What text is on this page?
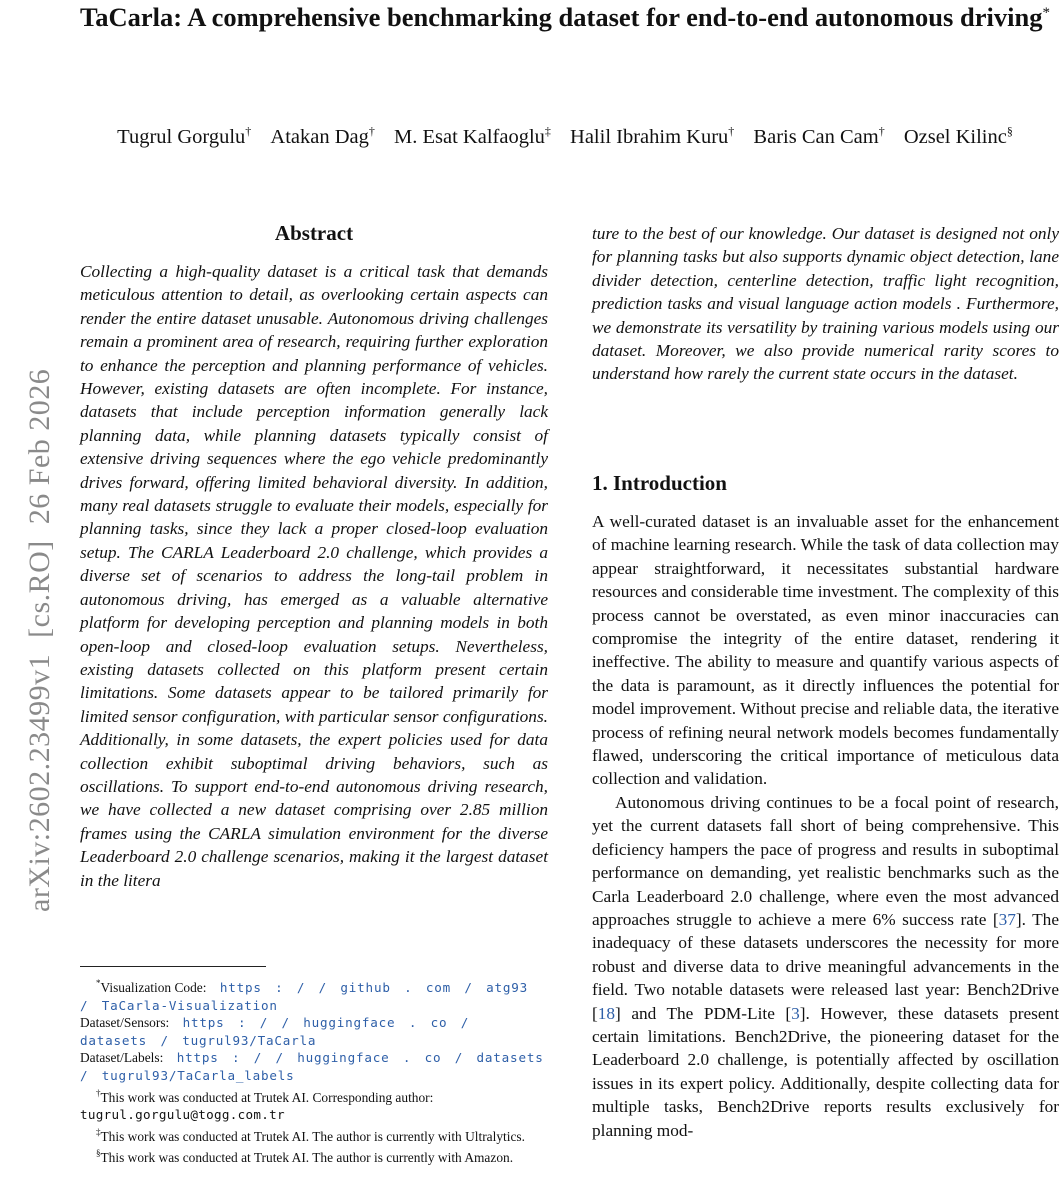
arXiv:2602.23499v1  [cs.RO]  26 Feb 2026
TaCarla: A comprehensive benchmarking dataset for end-to-end autonomous driving*
Tugrul Gorgulu† Atakan Dag† M. Esat Kalfaoglu‡ Halil Ibrahim Kuru† Baris Can Cam† Ozsel Kilinc§
Abstract

Collecting a high-quality dataset is a critical task that demands meticulous attention to detail, as overlooking certain aspects can render the entire dataset unusable. Autonomous driving challenges remain a prominent area of research, requiring further exploration to enhance the perception and planning performance of vehicles. However, existing datasets are often incomplete. For instance, datasets that include perception information generally lack planning data, while planning datasets typically consist of extensive driving sequences where the ego vehicle predominantly drives forward, offering limited behavioral diversity. In addition, many real datasets struggle to evaluate their models, especially for planning tasks, since they lack a proper closed-loop evaluation setup. The CARLA Leaderboard 2.0 challenge, which provides a diverse set of scenarios to address the long-tail problem in autonomous driving, has emerged as a valuable alternative platform for developing perception and planning models in both open-loop and closed-loop evaluation setups. Nevertheless, existing datasets collected on this platform present certain limitations. Some datasets appear to be tailored primarily for limited sensor configuration, with particular sensor configurations. Additionally, in some datasets, the expert policies used for data collection exhibit suboptimal driving behaviors, such as oscillations. To support end-to-end autonomous driving research, we have collected a new dataset comprising over 2.85 million frames using the CARLA simulation environment for the diverse Leaderboard 2.0 challenge scenarios, making it the largest dataset in the litera

ture to the best of our knowledge. Our dataset is designed not only for planning tasks but also supports dynamic object detection, lane divider detection, centerline detection, traffic light recognition, prediction tasks and visual language action models . Furthermore, we demonstrate its versatility by training various models using our dataset. Moreover, we also provide numerical rarity scores to understand how rarely the current state occurs in the dataset.

1. Introduction

A well-curated dataset is an invaluable asset for the enhancement of machine learning research. While the task of data collection may appear straightforward, it necessitates substantial hardware resources and considerable time investment. The complexity of this process cannot be overstated, as even minor inaccuracies can compromise the integrity of the entire dataset, rendering it ineffective. The ability to measure and quantify various aspects of the data is paramount, as it directly influences the potential for model improvement. Without precise and reliable data, the iterative process of refining neural network models becomes fundamentally flawed, underscoring the critical importance of meticulous data collection and validation.

Autonomous driving continues to be a focal point of research, yet the current datasets fall short of being comprehensive. This deficiency hampers the pace of progress and results in suboptimal performance on demanding, yet realistic benchmarks such as the Carla Leaderboard 2.0 challenge, where even the most advanced approaches struggle to achieve a mere 6% success rate [37]. The inadequacy of these datasets underscores the necessity for more robust and diverse data to drive meaningful advancements in the field. Two notable datasets were released last year: Bench2Drive [18] and The PDM-Lite [3]. However, these datasets present certain limitations. Bench2Drive, the pioneering dataset for the Leaderboard 2.0 challenge, is potentially affected by oscillation issues in its expert policy. Additionally, despite collecting data for multiple tasks, Bench2Drive reports results exclusively for planning mod-

*Visualization Code: https : / / github . com / atg93 / TaCarla-Visualization

Dataset/Sensors: https : / / huggingface . co / datasets / tugrul93/TaCarla

Dataset/Labels: https : / / huggingface . co / datasets / tugrul93/TaCarla_labels

†This work was conducted at Trutek AI. Corresponding author: tugrul.gorgulu@togg.com.tr

‡This work was conducted at Trutek AI. The author is currently with Ultralytics.

§This work was conducted at Trutek AI. The author is currently with Amazon.
